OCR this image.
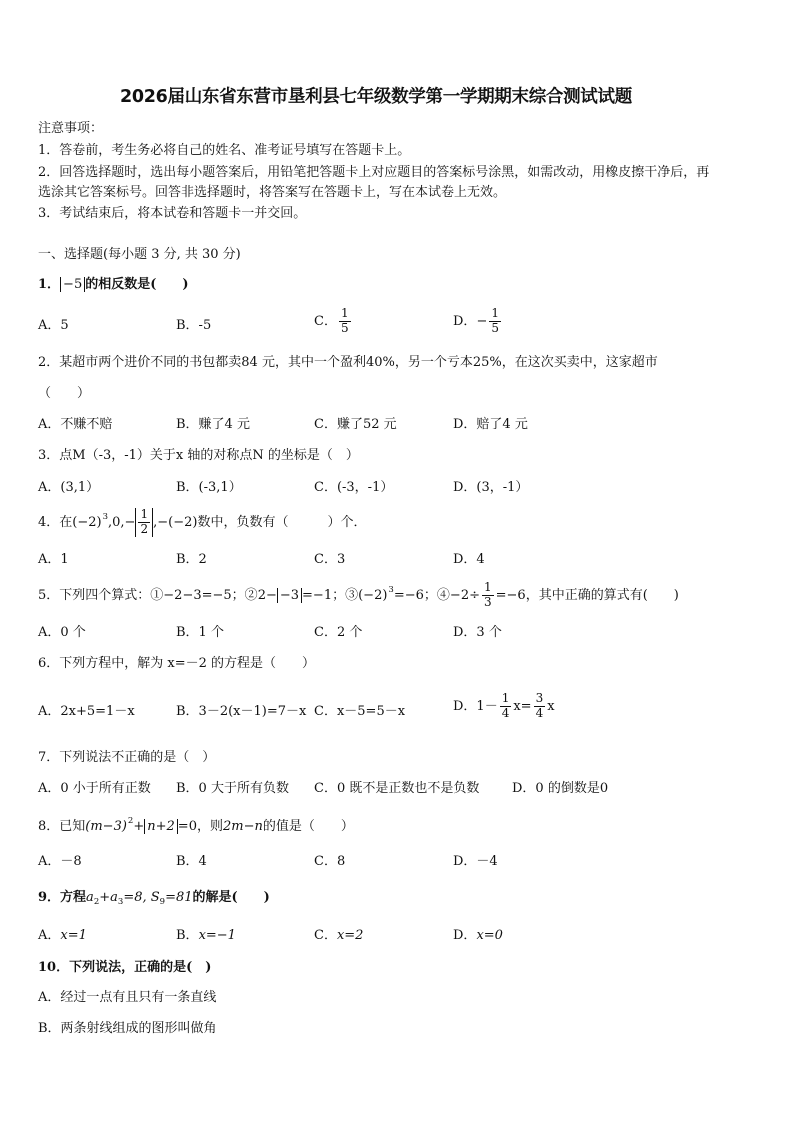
2026届山东省东营市垦利县七年级数学第一学期期末综合测试试题
注意事项：
1．答卷前，考生务必将自己的姓名、准考证号填写在答题卡上。
2．回答选择题时，选出每小题答案后，用铅笔把答题卡上对应题目的答案标号涂黑，如需改动，用橡皮擦干净后，再
选涂其它答案标号。回答非选择题时，将答案写在答题卡上，写在本试卷上无效。
3．考试结束后，将本试卷和答题卡一并交回。
一、选择题(每小题 3 分, 共 30 分)
1． −5 的相反数是(　　)
A．5	B．-5	C． $\frac{1}{5}$	D．− $\frac{1}{5}$
2．某超市两个进价不同的书包都卖84 元，其中一个盈利40%，另一个亏本25%，在这次买卖中，这家超市
（　　）
A．不赚不赔	B．赚了4 元	C．赚了52 元	D．赔了4 元
3．点M（-3，-1）关于x 轴的对称点N 的坐标是（　）
A．(3,1）	B．(-3,1）	C．(-3，-1）	D．(3，-1）
4．在$(-2)^3,0,- \frac{1}{2} ,-(-2)$数中，负数有（　　　）个．
A．1	B．2	C．3	D．4
5．下列四个算式：①−2−3=−5；②2− −3 =−1；$③(-2)^3=-6$；④−2÷ $\frac{1}{3} =-6$，其中正确的算式有(　　)
A．0 个	B．1 个	C．2 个	D．3 个
6．下列方程中，解为 x=－2 的方程是（　　）
A．2x+5=1－x	B．3－2(x－1)=7－x C．x－5=5－x	D．$1- \frac{1}{4} x= \frac{3}{4}$ x
7．下列说法不正确的是（　）
A．0 小于所有正数 B．0 大于所有负数 C．0 既不是正数也不是负数	D．0 的倒数是0
8．已知$(m-3)^2+ n+2 =0$，则2m−n的值是（　　）
A．－8	B．4	C．8	D．－4
9．方程$a_2+a_3=8$, $S_9=81$的解是(　　)
A．x=1	B．x=−1	C．x=2	D．x=0
10．下列说法，正确的是(　)
A．经过一点有且只有一条直线
B．两条射线组成的图形叫做角
